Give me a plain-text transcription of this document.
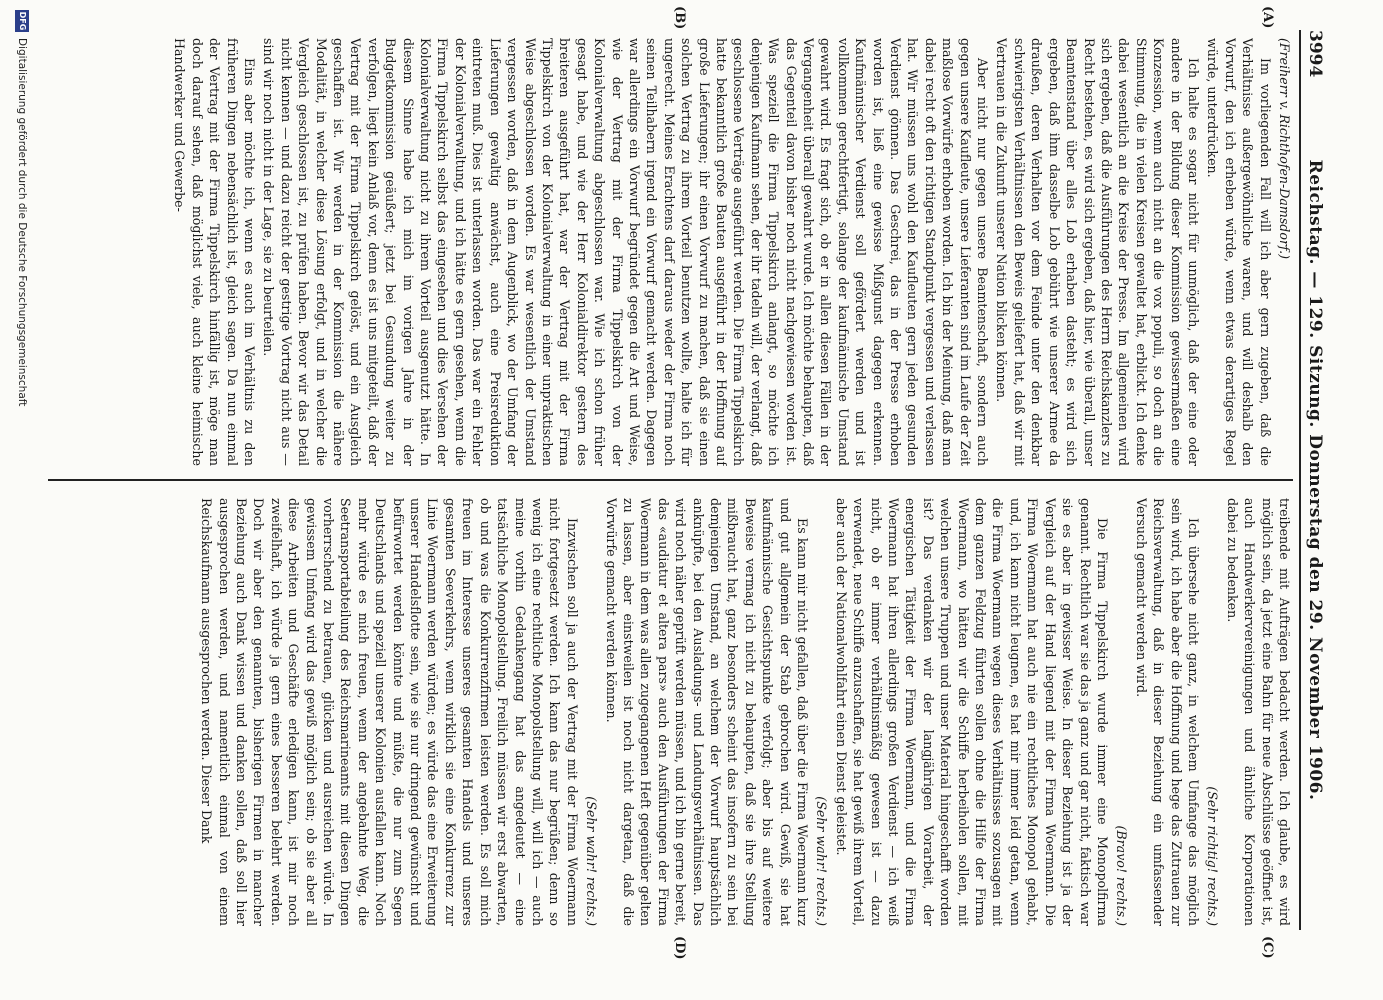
3994
Reichstag. — 129. Sitzung. Donnerstag den 29. November 1906.
(A)
(B)
(C)
(D)

(Freiherr v. Richthofen-Damsdorf.)

Im vorliegenden Fall will ich aber gern zugeben, daß die Verhältnisse außergewöhnliche waren, und will deshalb den Vorwurf, den ich erheben würde, wenn etwas derartiges Regel würde, unterdrücken.

Ich halte es sogar nicht für unmöglich, daß der eine oder andere in der Bildung dieser Kommission gewissermaßen eine Konzession, wenn auch nicht an die vox populi, so doch an die Stimmung, die in vielen Kreisen gewaltet hat, erblickt. Ich denke dabei wesentlich an die Kreise der Presse. Im allgemeinen wird sich ergeben, daß die Ausführungen des Herrn Reichskanzlers zu Recht bestehen, es wird sich ergeben, daß hier, wie überall, unser Beamtenstand über alles Lob erhaben dasteht; es wird sich ergeben, daß ihm dasselbe Lob gebührt wie unserer Armee da draußen, deren Verhalten vor dem Feinde unter den denkbar schwierigsten Verhältnissen den Beweis geliefert hat, daß wir mit Vertrauen in die Zukunft unserer Nation blicken können.

Aber nicht nur gegen unsere Beamtenschaft, sondern auch gegen unsere Kaufleute, unsere Lieferanten sind im Laufe der Zeit maßlose Vorwürfe erhoben worden. Ich bin der Meinung, daß man dabei recht oft den richtigen Standpunkt vergessen und verlassen hat. Wir müssen uns wohl den Kaufleuten gern jeden gesunden Verdienst gönnen. Das Geschrei, das in der Presse erhoben worden ist, ließ eine gewisse Mißgunst dagegen erkennen. Kaufmännischer Verdienst soll gefördert werden und ist vollkommen gerechtfertigt, solange der kaufmännische Umstand gewahrt wird. Es fragt sich, ob er in allen diesen Fällen in der Vergangenheit überall gewahrt wurde. Ich möchte behaupten, daß das Gegenteil davon bisher noch nicht nachgewiesen worden ist. Was speziell die Firma Tippelskirch anlangt, so möchte ich denjenigen Kaufmann sehen, der ihr tadeln will, der verlangt, daß geschlossene Verträge ausgeführt werden. Die Firma Tippelskirch hatte bekanntlich große Bauten ausgeführt in der Hoffnung auf große Lieferungen; ihr einen Vorwurf zu machen, daß sie einen solchen Vertrag zu ihrem Vorteil benutzen wollte, halte ich für ungerecht. Meines Erachtens darf daraus weder der Firma noch seinen Teilhabern irgend ein Vorwurf gemacht werden. Dagegen war allerdings ein Vorwurf begründet gegen die Art und Weise, wie der Vertrag mit der Firma Tippelskirch von der Kolonialverwaltung abgeschlossen war. Wie ich schon früher gesagt habe, und wie der Herr Kolonialdirektor gestern des breiteren ausgeführt hat, war der Vertrag mit der Firma Tippelskirch von der Kolonialverwaltung in einer unpraktischen Weise abgeschlossen worden. Es war wesentlich der Umstand vergessen worden, daß in dem Augenblick, wo der Umfang der Lieferungen gewaltig anwächst, auch eine Preisreduktion eintreten muß. Dies ist unterlassen worden. Das war ein Fehler der Kolonialverwaltung, und ich hätte es gern gesehen, wenn die Firma Tippelskirch selbst das eingesehen und dies Versehen der Kolonialverwaltung nicht zu ihrem Vorteil ausgenutzt hätte. In diesem Sinne habe ich mich im vorigen Jahre in der Budgetkommission geäußert; jetzt bei Gesundung weiter zu verfolgen, liegt kein Anlaß vor, denn es ist uns mitgeteilt, daß der Vertrag mit der Firma Tippelskirch gelöst, und ein Ausgleich geschaffen ist. Wir werden in der Kommission die nähere Modalität, in welcher diese Lösung erfolgt, und in welcher die Vergleich geschlossen ist, zu prüfen haben. Bevor wir das Detail nicht kennen — und dazu reicht der gestrige Vortrag nicht aus — sind wir noch nicht in der Lage, sie zu beurteilen.

Eins aber möchte ich, wenn es auch im Verhältnis zu den früheren Dingen nebensächlich ist, gleich sagen. Da nun einmal der Vertrag mit der Firma Tippelskirch hinfällig ist, möge man doch darauf sehen, daß möglichst viele, auch kleine heimische Handwerker und Gewerbe-

treibende mit Aufträgen bedacht werden. Ich glaube, es wird möglich sein, da jetzt eine Bahn für neue Abschlüsse geöffnet ist, auch Handwerkervereinigungen und ähnliche Korporationen dabei zu bedenken.

(Sehr richtig! rechts.)

Ich übersehe nicht ganz, in welchem Umfange das möglich sein wird, ich habe aber die Hoffnung und hege das Zutrauen zur Reichsverwaltung, daß in dieser Beziehung ein umfassender Versuch gemacht werden wird.

(Bravo! rechts.)

Die Firma Tippelskirch wurde immer eine Monopolfirma genannt. Rechtlich war sie das ja ganz und gar nicht, faktisch war sie es aber in gewisser Weise. In dieser Beziehung ist ja der Vergleich auf der Hand liegend mit der Firma Woermann. Die Firma Woermann hat auch nie ein rechtliches Monopol gehabt, und, ich kann nicht leugnen, es hat mir immer leid getan, wenn die Firma Woermann wegen dieses Verhältnisses sozusagen mit dem ganzen Feldzug führten sollen ohne die Hilfe der Firma Woermann, wo hätten wir die Schiffe herbeiholen sollen, mit welchen unsere Truppen und unser Material hingeschafft worden ist? Das verdanken wir der langjährigen Vorarbeit, der energischen Tätigkeit der Firma Woermann, und die Firma Woermann hat ihren allerdings großen Verdienst — ich weiß nicht, ob er immer verhältnismäßig gewesen ist — dazu verwendet, neue Schiffe anzuschaffen, sie hat gewiß ihrem Vorteil, aber auch der Nationalwohlfahrt einen Dienst geleistet.

(Sehr wahr! rechts.)

Es kann mir nicht gefallen, daß über die Firma Woermann kurz und gut allgemein der Stab gebrochen wird. Gewiß, sie hat kaufmännische Gesichtspunkte verfolgt; aber bis auf weitere Beweise vermag ich nicht zu behaupten, daß sie ihre Stellung mißbraucht hat, ganz besonders scheint das insofern zu sein bei demjenigen Umstand, an welchem der Vorwurf hauptsächlich anknüpfte, bei den Ausladungs- und Landungsverhältnissen. Das wird noch näher geprüft werden müssen, und ich bin gerne bereit, das «audiatur et altera pars» auch den Ausführungen der Firma Woermann in dem was allen zugegangenen Heft gegenüber gelten zu lassen, aber einstweilen ist noch nicht dargetan, daß die Vorwürfe gemacht werden können.

(Sehr wahr! rechts.)

Inzwischen soll ja auch der Vertrag mit der Firma Woermann nicht fortgesetzt werden. Ich kann das nur begrüßen; denn so wenig ich eine rechtliche Monopolstellung will, will ich — auch meine vorhin Gedankengang hat das angedeutet — eine tatsächliche Monopolstellung. Freilich müssen wir erst abwarten, ob und was die Konkurrenzfirmen leisten werden. Es soll mich freuen im Interesse unseres gesamten Handels und unseres gesamten Seeverkehrs, wenn wirklich sie eine Konkurrenz zur Linie Woermann werden würden; es würde das eine Erweiterung unserer Handelsflotte sein, wie sie nur dringend gewünscht und befürwortet werden könnte und müßte, die nur zum Segen Deutschlands und speziell unserer Kolonien ausfallen kann. Noch mehr würde es mich freuen, wenn der angebahnte Weg, die Seetransportabteilung des Reichsmarineamts mit diesen Dingen vorherrschend zu betrauen, glücken und ausreichen würde. In gewissem Umfang wird das gewiß möglich sein; ob sie aber all diese Arbeiten und Geschäfte erledigen kann, ist mir noch zweifelhaft, ich würde ja gern eines besseren belehrt werden. Doch wir aber den genannten, bisherigen Firmen in mancher Beziehung auch Dank wissen und danken sollen, daß soll hier ausgesprochen werden, und namentlich einmal von einem Reichskaufmann ausgesprochen werden. Dieser Dank

DFG
Digitalisierung gefördert durch die Deutsche Forschungsgemeinschaft
